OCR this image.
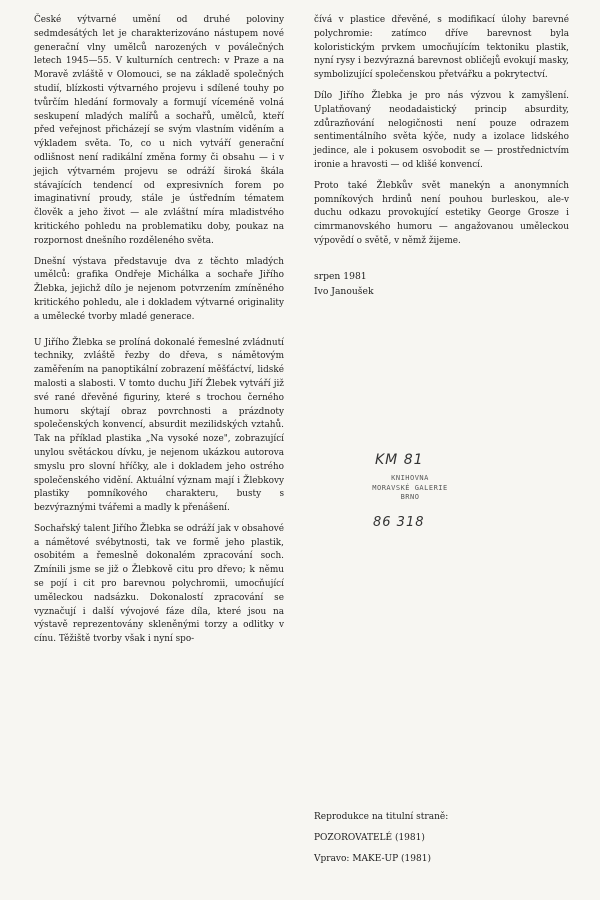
České výtvarné umění od druhé poloviny sedmdesátých let je charakterizováno nástupem nové generační vlny umělců narozených v poválečných letech 1945—55. V kulturních centrech: v Praze a na Moravě zvláště v Olomouci, se na základě společných studií, blízkosti výtvarného projevu i sdílené touhy po tvůrčím hledání formovaly a formují víceméně volná seskupení mladých malířů a sochařů, umělců, kteří před veřejnost přicházejí se svým vlastním viděním a výkladem světa. To, co u nich vytváří generační odlišnost není radikální změna formy či obsahu — i v jejich výtvarném projevu se odráží široká škála stávajících tendencí od expresivních forem po imaginativní proudy, stále je ústředním tématem člověk a jeho život — ale zvláštní míra mladistvého kritického pohledu na problematiku doby, poukaz na rozpornost dnešního rozděleného světa.

Dnešní výstava představuje dva z těchto mladých umělců: grafika Ondřeje Michálka a sochaře Jiřího Žlebka, jejichž dílo je nejenom potvrzením zmíněného kritického pohledu, ale i dokladem výtvarné originality a umělecké tvorby mladé generace.

U Jiřího Žlebka se prolíná dokonalé řemeslné zvládnutí techniky, zvláště řezby do dřeva, s námětovým zaměřením na panoptikální zobrazení měšťáctví, lidské malosti a slabosti. V tomto duchu Jiří Žlebek vytváří již své rané dřevěné figuriny, které s trochou černého humoru skýtají obraz povrchnosti a prázdnoty společenských konvencí, absurdit mezilidských vztahů. Tak na příklad plastika „Na vysoké noze", zobrazující unylou světáckou dívku, je nejenom ukázkou autorova smyslu pro slovní hříčky, ale i dokladem jeho ostrého společenského vidění. Aktuální význam mají i Žlebkovy plastiky pomníkového charakteru, busty s bezvýraznými tvářemi a madly k přenášení.

Sochařský talent Jiřího Žlebka se odráží jak v obsahové a námětové svébytnosti, tak ve formě jeho plastik, osobitém a řemeslně dokonalém zpracování soch. Zmínili jsme se již o Žlebkově citu pro dřevo; k němu se pojí i cit pro barevnou polychromii, umocňující uměleckou nadsázku. Dokonalostí zpracování se vyznačují i další vývojové fáze díla, které jsou na výstavě reprezentovány skleněnými torzy a odlitky v cínu. Těžiště tvorby však i nyní spo-

čívá v plastice dřevěné, s modifikací úlohy barevné polychromie: zatímco dříve barevnost byla koloristickým prvkem umocňujícím tektoniku plastik, nyní rysy i bezvýrazná barevnost obličejů evokují masky, symbolizující společenskou přetvářku a pokrytectví.

Dílo Jiřího Žlebka je pro nás výzvou k zamyšlení. Uplatňovaný neodadaistický princip absurdity, zdůrazňování nelogičnosti není pouze odrazem sentimentálního světa kýče, nudy a izolace lidského jedince, ale i pokusem osvobodit se — prostřednictvím ironie a hravosti — od klišé konvencí.

Proto také Žlebkův svět manekýn a anonymních pomníkových hrdinů není pouhou burleskou, ale-v duchu odkazu provokující estetiky George Grosze i cimrmanovského humoru — angažovanou uměleckou výpovědí o světě, v němž žijeme.

srpen 1981
Ivo Janoušek
KM 81
KNIHOVNA
MORAVSKÉ GALERIE
BRNO
86 318
Reprodukce na titulní straně:
POZOROVATELÉ (1981)
Vpravo: MAKE-UP (1981)
